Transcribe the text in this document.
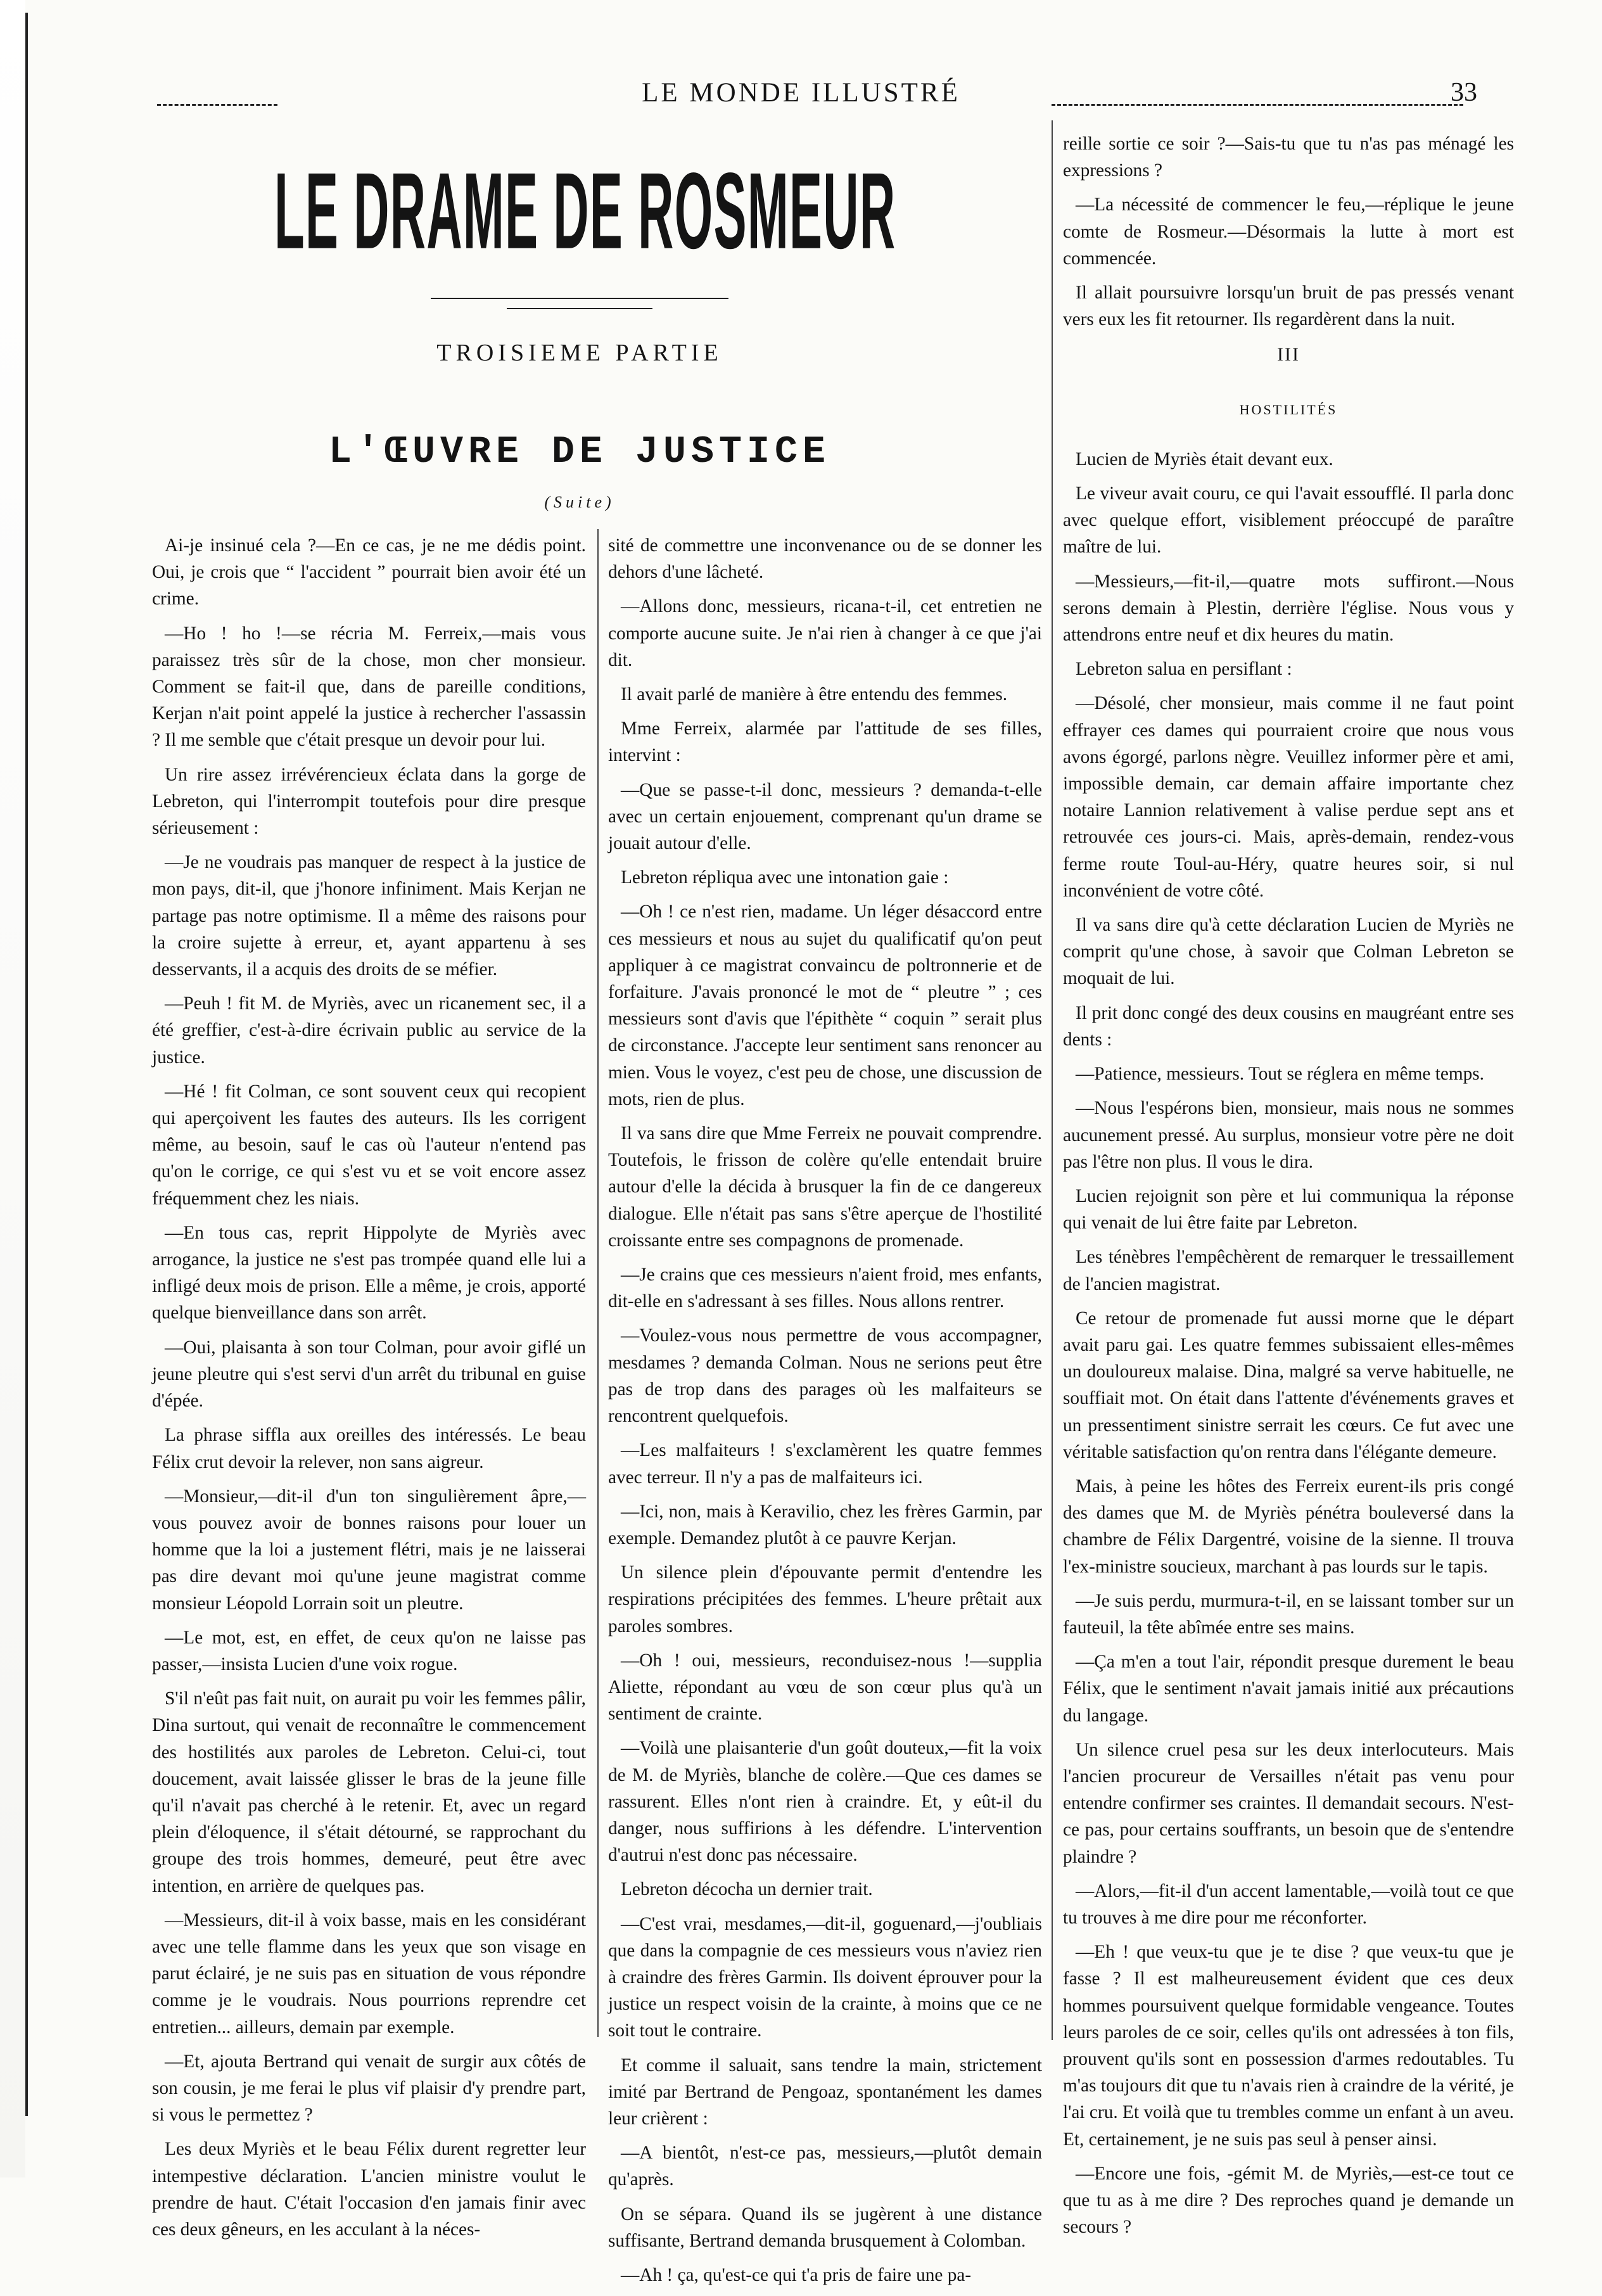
LE MONDE ILLUSTRÉ	33
LE DRAME DE ROSMEUR
TROISIEME PARTIE
L'ŒUVRE DE JUSTICE
(Suite)

Ai-je insinué cela ?—En ce cas, je ne me dédis point. Oui, je crois que “ l'accident ” pourrait bien avoir été un crime.

—Ho ! ho !—se récria M. Ferreix,—mais vous paraissez très sûr de la chose, mon cher monsieur. Comment se fait-il que, dans de pareille conditions, Kerjan n'ait point appelé la justice à rechercher l'assassin ? Il me semble que c'était presque un devoir pour lui.

Un rire assez irrévérencieux éclata dans la gorge de Lebreton, qui l'interrompit toutefois pour dire presque sérieusement :

—Je ne voudrais pas manquer de respect à la justice de mon pays, dit-il, que j'honore infiniment. Mais Kerjan ne partage pas notre optimisme. Il a même des raisons pour la croire sujette à erreur, et, ayant appartenu à ses desservants, il a acquis des droits de se méfier.

—Peuh ! fit M. de Myriès, avec un ricanement sec, il a été greffier, c'est-à-dire écrivain public au service de la justice.

—Hé ! fit Colman, ce sont souvent ceux qui recopient qui aperçoivent les fautes des auteurs. Ils les corrigent même, au besoin, sauf le cas où l'auteur n'entend pas qu'on le corrige, ce qui s'est vu et se voit encore assez fréquemment chez les niais.

—En tous cas, reprit Hippolyte de Myriès avec arrogance, la justice ne s'est pas trompée quand elle lui a infligé deux mois de prison. Elle a même, je crois, apporté quelque bienveillance dans son arrêt.

—Oui, plaisanta à son tour Colman, pour avoir giflé un jeune pleutre qui s'est servi d'un arrêt du tribunal en guise d'épée.

La phrase siffla aux oreilles des intéressés. Le beau Félix crut devoir la relever, non sans aigreur.

—Monsieur,—dit-il d'un ton singulièrement âpre,—vous pouvez avoir de bonnes raisons pour louer un homme que la loi a justement flétri, mais je ne laisserai pas dire devant moi qu'une jeune magistrat comme monsieur Léopold Lorrain soit un pleutre.

—Le mot, est, en effet, de ceux qu'on ne laisse pas passer,—insista Lucien d'une voix rogue.

S'il n'eût pas fait nuit, on aurait pu voir les femmes pâlir, Dina surtout, qui venait de reconnaître le commencement des hostilités aux paroles de Lebreton. Celui-ci, tout doucement, avait laissée glisser le bras de la jeune fille qu'il n'avait pas cherché à le retenir. Et, avec un regard plein d'éloquence, il s'était détourné, se rapprochant du groupe des trois hommes, demeuré, peut être avec intention, en arrière de quelques pas.

—Messieurs, dit-il à voix basse, mais en les considérant avec une telle flamme dans les yeux que son visage en parut éclairé, je ne suis pas en situation de vous répondre comme je le voudrais. Nous pourrions reprendre cet entretien... ailleurs, demain par exemple.

—Et, ajouta Bertrand qui venait de surgir aux côtés de son cousin, je me ferai le plus vif plaisir d'y prendre part, si vous le permettez ?

Les deux Myriès et le beau Félix durent regretter leur intempestive déclaration. L'ancien ministre voulut le prendre de haut. C'était l'occasion d'en jamais finir avec ces deux gêneurs, en les acculant à la néces-

sité de commettre une inconvenance ou de se donner les dehors d'une lâcheté.

—Allons donc, messieurs, ricana-t-il, cet entretien ne comporte aucune suite. Je n'ai rien à changer à ce que j'ai dit.

Il avait parlé de manière à être entendu des femmes.

Mme Ferreix, alarmée par l'attitude de ses filles, intervint :

—Que se passe-t-il donc, messieurs ? demanda-t-elle avec un certain enjouement, comprenant qu'un drame se jouait autour d'elle.

Lebreton répliqua avec une intonation gaie :

—Oh ! ce n'est rien, madame. Un léger désaccord entre ces messieurs et nous au sujet du qualificatif qu'on peut appliquer à ce magistrat convaincu de poltronnerie et de forfaiture. J'avais prononcé le mot de “ pleutre ” ; ces messieurs sont d'avis que l'épithète “ coquin ” serait plus de circonstance. J'accepte leur sentiment sans renoncer au mien. Vous le voyez, c'est peu de chose, une discussion de mots, rien de plus.

Il va sans dire que Mme Ferreix ne pouvait comprendre. Toutefois, le frisson de colère qu'elle entendait bruire autour d'elle la décida à brusquer la fin de ce dangereux dialogue. Elle n'était pas sans s'être aperçue de l'hostilité croissante entre ses compagnons de promenade.

—Je crains que ces messieurs n'aient froid, mes enfants, dit-elle en s'adressant à ses filles. Nous allons rentrer.

—Voulez-vous nous permettre de vous accompagner, mesdames ? demanda Colman. Nous ne serions peut être pas de trop dans des parages où les malfaiteurs se rencontrent quelquefois.

—Les malfaiteurs ! s'exclamèrent les quatre femmes avec terreur. Il n'y a pas de malfaiteurs ici.

—Ici, non, mais à Keravilio, chez les frères Garmin, par exemple. Demandez plutôt à ce pauvre Kerjan.

Un silence plein d'épouvante permit d'entendre les respirations précipitées des femmes. L'heure prêtait aux paroles sombres.

—Oh ! oui, messieurs, reconduisez-nous !—supplia Aliette, répondant au vœu de son cœur plus qu'à un sentiment de crainte.

—Voilà une plaisanterie d'un goût douteux,—fit la voix de M. de Myriès, blanche de colère.—Que ces dames se rassurent. Elles n'ont rien à craindre. Et, y eût-il du danger, nous suffirions à les défendre. L'intervention d'autrui n'est donc pas nécessaire.

Lebreton décocha un dernier trait.

—C'est vrai, mesdames,—dit-il, goguenard,—j'oubliais que dans la compagnie de ces messieurs vous n'aviez rien à craindre des frères Garmin. Ils doivent éprouver pour la justice un respect voisin de la crainte, à moins que ce ne soit tout le contraire.

Et comme il saluait, sans tendre la main, strictement imité par Bertrand de Pengoaz, spontanément les dames leur crièrent :

—A bientôt, n'est-ce pas, messieurs,—plutôt demain qu'après.

On se sépara. Quand ils se jugèrent à une distance suffisante, Bertrand demanda brusquement à Colomban.

—Ah ! ça, qu'est-ce qui t'a pris de faire une pa-

reille sortie ce soir ?—Sais-tu que tu n'as pas ménagé les expressions ?

—La nécessité de commencer le feu,—réplique le jeune comte de Rosmeur.—Désormais la lutte à mort est commencée.

Il allait poursuivre lorsqu'un bruit de pas pressés venant vers eux les fit retourner. Ils regardèrent dans la nuit.

III

HOSTILITÉS

Lucien de Myriès était devant eux.

Le viveur avait couru, ce qui l'avait essoufflé. Il parla donc avec quelque effort, visiblement préoccupé de paraître maître de lui.

—Messieurs,—fit-il,—quatre mots suffiront.—Nous serons demain à Plestin, derrière l'église. Nous vous y attendrons entre neuf et dix heures du matin.

Lebreton salua en persiflant :

—Désolé, cher monsieur, mais comme il ne faut point effrayer ces dames qui pourraient croire que nous vous avons égorgé, parlons nègre. Veuillez informer père et ami, impossible demain, car demain affaire importante chez notaire Lannion relativement à valise perdue sept ans et retrouvée ces jours-ci. Mais, après-demain, rendez-vous ferme route Toul-au-Héry, quatre heures soir, si nul inconvénient de votre côté.

Il va sans dire qu'à cette déclaration Lucien de Myriès ne comprit qu'une chose, à savoir que Colman Lebreton se moquait de lui.

Il prit donc congé des deux cousins en maugréant entre ses dents :

—Patience, messieurs. Tout se réglera en même temps.

—Nous l'espérons bien, monsieur, mais nous ne sommes aucunement pressé. Au surplus, monsieur votre père ne doit pas l'être non plus. Il vous le dira.

Lucien rejoignit son père et lui communiqua la réponse qui venait de lui être faite par Lebreton.

Les ténèbres l'empêchèrent de remarquer le tressaillement de l'ancien magistrat.

Ce retour de promenade fut aussi morne que le départ avait paru gai. Les quatre femmes subissaient elles-mêmes un douloureux malaise. Dina, malgré sa verve habituelle, ne souffiait mot. On était dans l'attente d'événements graves et un pressentiment sinistre serrait les cœurs. Ce fut avec une véritable satisfaction qu'on rentra dans l'élégante demeure.

Mais, à peine les hôtes des Ferreix eurent-ils pris congé des dames que M. de Myriès pénétra bouleversé dans la chambre de Félix Dargentré, voisine de la sienne. Il trouva l'ex-ministre soucieux, marchant à pas lourds sur le tapis.

—Je suis perdu, murmura-t-il, en se laissant tomber sur un fauteuil, la tête abîmée entre ses mains.

—Ça m'en a tout l'air, répondit presque durement le beau Félix, que le sentiment n'avait jamais initié aux précautions du langage.

Un silence cruel pesa sur les deux interlocuteurs. Mais l'ancien procureur de Versailles n'était pas venu pour entendre confirmer ses craintes. Il demandait secours. N'est-ce pas, pour certains souffrants, un besoin que de s'entendre plaindre ?

—Alors,—fit-il d'un accent lamentable,—voilà tout ce que tu trouves à me dire pour me réconforter.

—Eh ! que veux-tu que je te dise ? que veux-tu que je fasse ? Il est malheureusement évident que ces deux hommes poursuivent quelque formidable vengeance. Toutes leurs paroles de ce soir, celles qu'ils ont adressées à ton fils, prouvent qu'ils sont en possession d'armes redoutables. Tu m'as toujours dit que tu n'avais rien à craindre de la vérité, je l'ai cru. Et voilà que tu trembles comme un enfant à un aveu. Et, certainement, je ne suis pas seul à penser ainsi.

—Encore une fois, -gémit M. de Myriès,—est-ce tout ce que tu as à me dire ? Des reproches quand je demande un secours ?
